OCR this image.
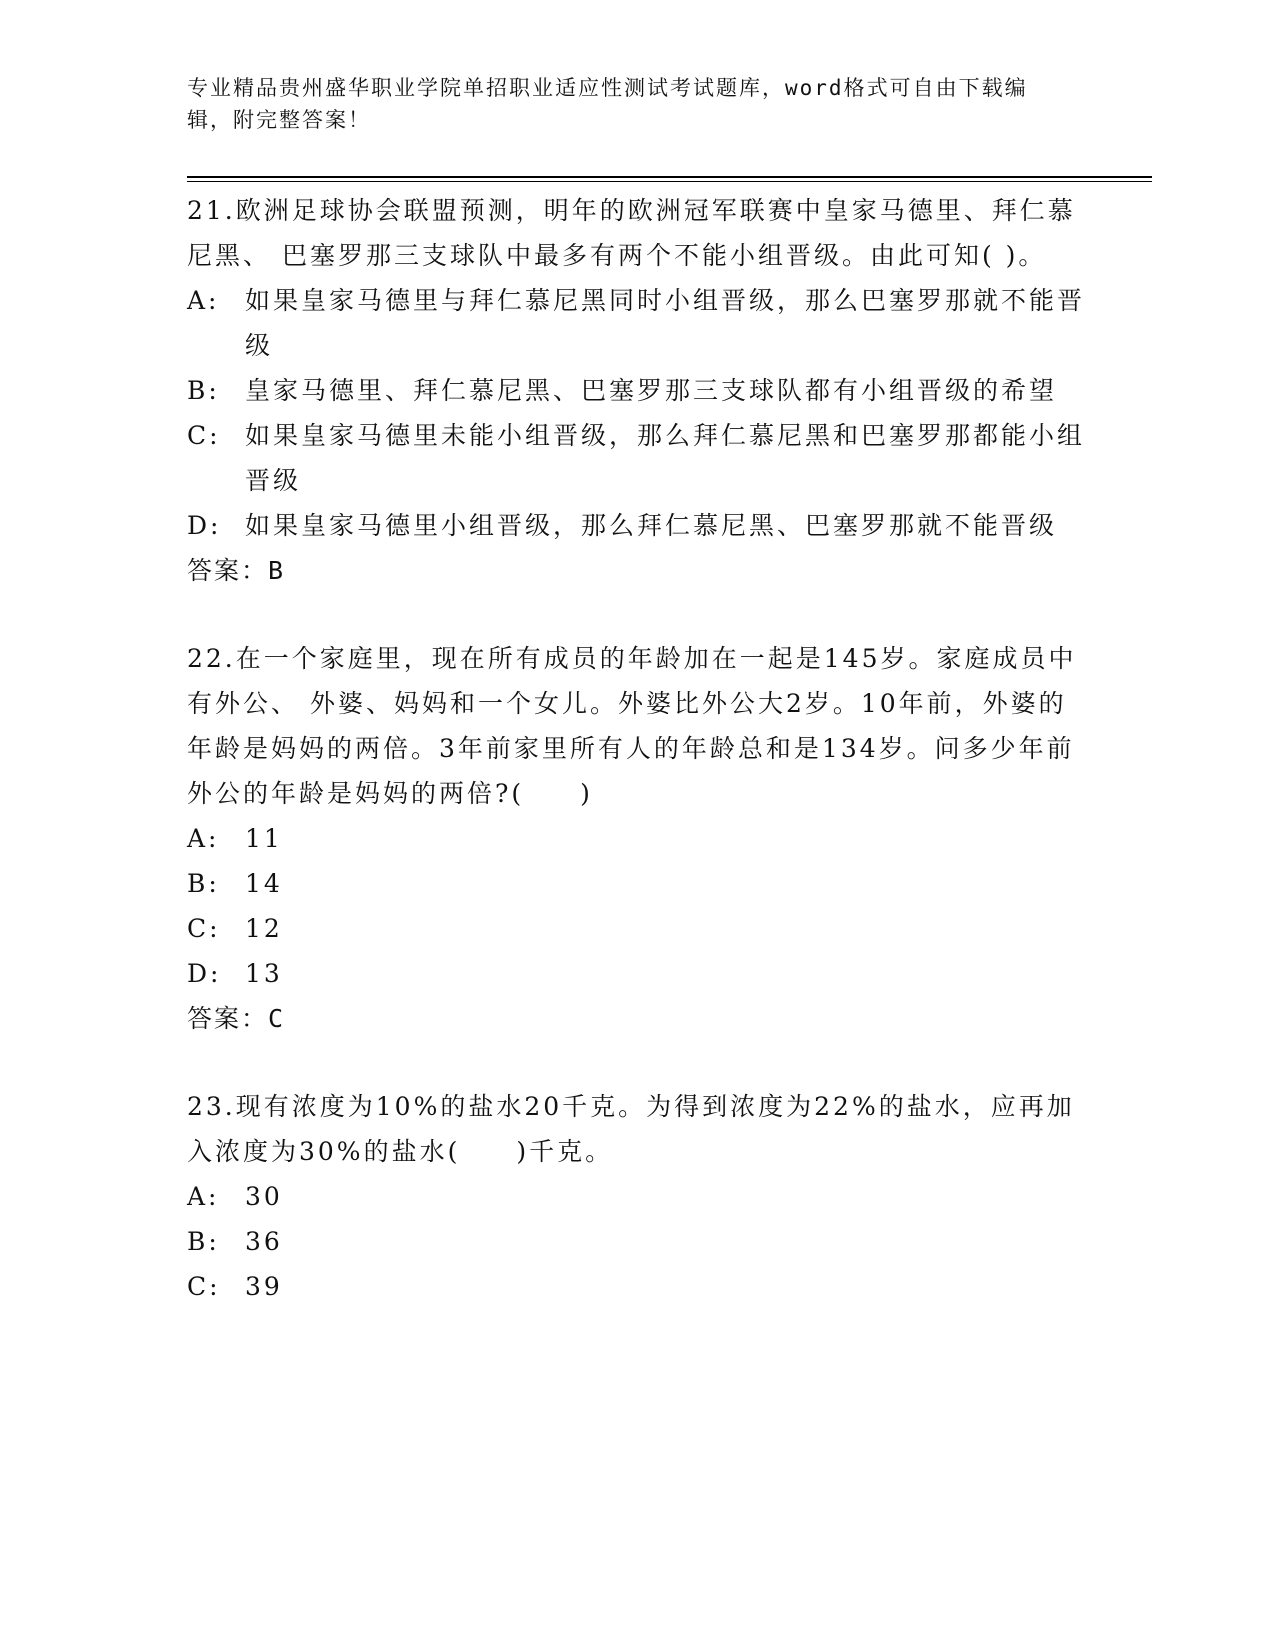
专业精品贵州盛华职业学院单招职业适应性测试考试题库，word格式可自由下载编辑，附完整答案！

21.欧洲足球协会联盟预测，明年的欧洲冠军联赛中皇家马德里、拜仁慕尼黑、 巴塞罗那三支球队中最多有两个不能小组晋级。由此可知( )。

A:	如果皇家马德里与拜仁慕尼黑同时小组晋级，那么巴塞罗那就不能晋级
B:	皇家马德里、拜仁慕尼黑、巴塞罗那三支球队都有小组晋级的希望
C: 如果皇家马德里未能小组晋级，那么拜仁慕尼黑和巴塞罗那都能小组晋级
D: 如果皇家马德里小组晋级，那么拜仁慕尼黑、巴塞罗那就不能晋级

答案：B

22.在一个家庭里，现在所有成员的年龄加在一起是145岁。家庭成员中有外公、 外婆、妈妈和一个女儿。外婆比外公大2岁。10年前，外婆的年龄是妈妈的两倍。3年前家里所有人的年龄总和是134岁。问多少年前外公的年龄是妈妈的两倍?(　　)

A:	11
B:	14
C: 12
D: 13

答案：C

23.现有浓度为10%的盐水20千克。为得到浓度为22%的盐水，应再加入浓度为30%的盐水(　　)千克。

A:	30
B:	36
C: 39
